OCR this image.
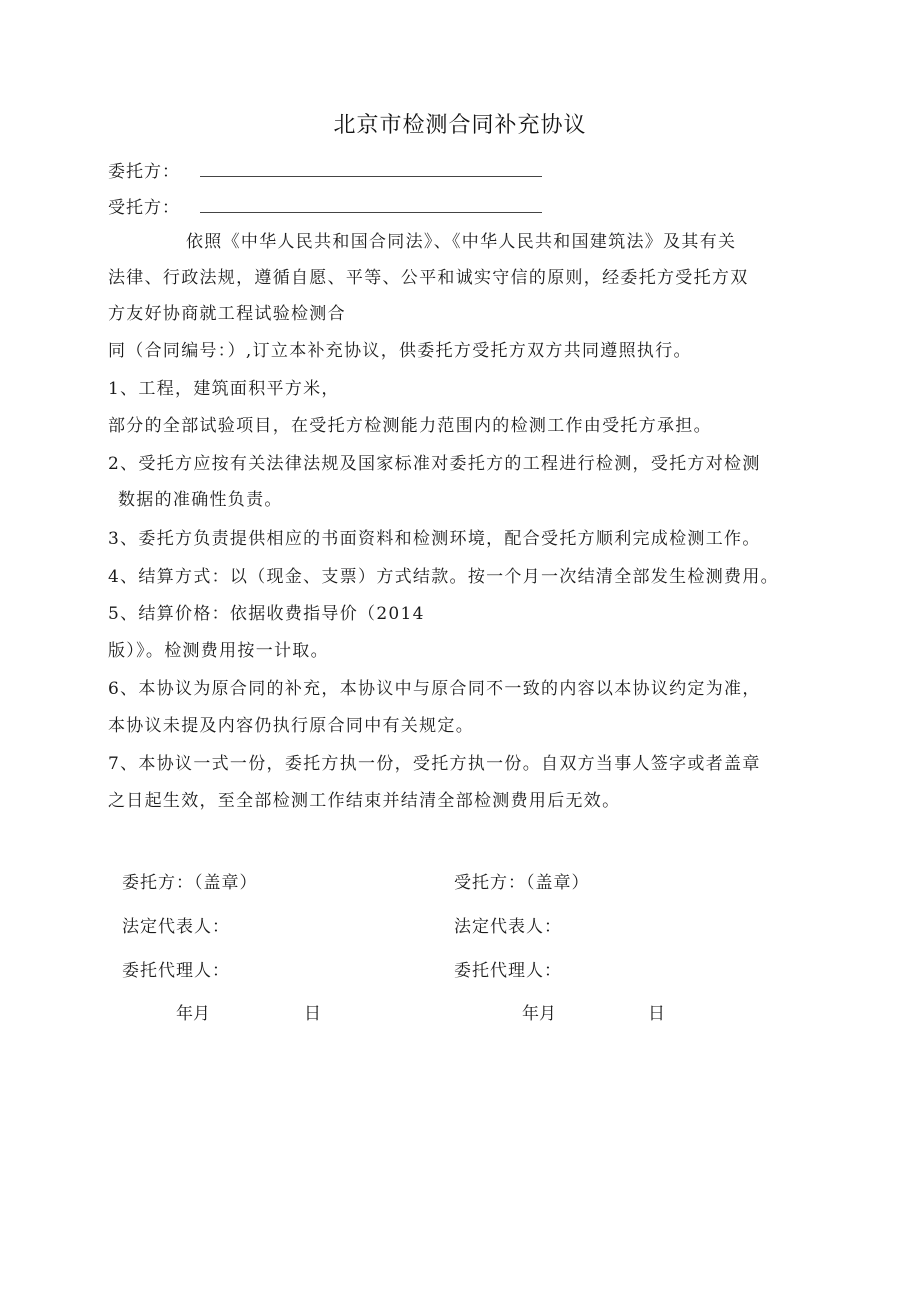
北京市检测合同补充协议
委托方：
受托方：
依照《中华人民共和国合同法》、《中华人民共和国建筑法》及其有关
法律、行政法规，遵循自愿、平等、公平和诚实守信的原则，经委托方受托方双
方友好协商就工程试验检测合
同（合同编号：）,订立本补充协议，供委托方受托方双方共同遵照执行。
1、工程，建筑面积平方米，
部分的全部试验项目，在受托方检测能力范围内的检测工作由受托方承担。
2、受托方应按有关法律法规及国家标准对委托方的工程进行检测，受托方对检测
数据的准确性负责。
3、委托方负责提供相应的书面资料和检测环境，配合受托方顺利完成检测工作。
4、结算方式：以（现金、支票）方式结款。按一个月一次结清全部发生检测费用。
5、结算价格：依据收费指导价（2014
版）》。检测费用按一计取。
6、本协议为原合同的补充，本协议中与原合同不一致的内容以本协议约定为准，
本协议未提及内容仍执行原合同中有关规定。
7、本协议一式一份，委托方执一份，受托方执一份。自双方当事人签字或者盖章
之日起生效，至全部检测工作结束并结清全部检测费用后无效。
委托方：（盖章）
法定代表人：
委托代理人：
年月	日
受托方：（盖章）
法定代表人：
委托代理人：
年月	日
